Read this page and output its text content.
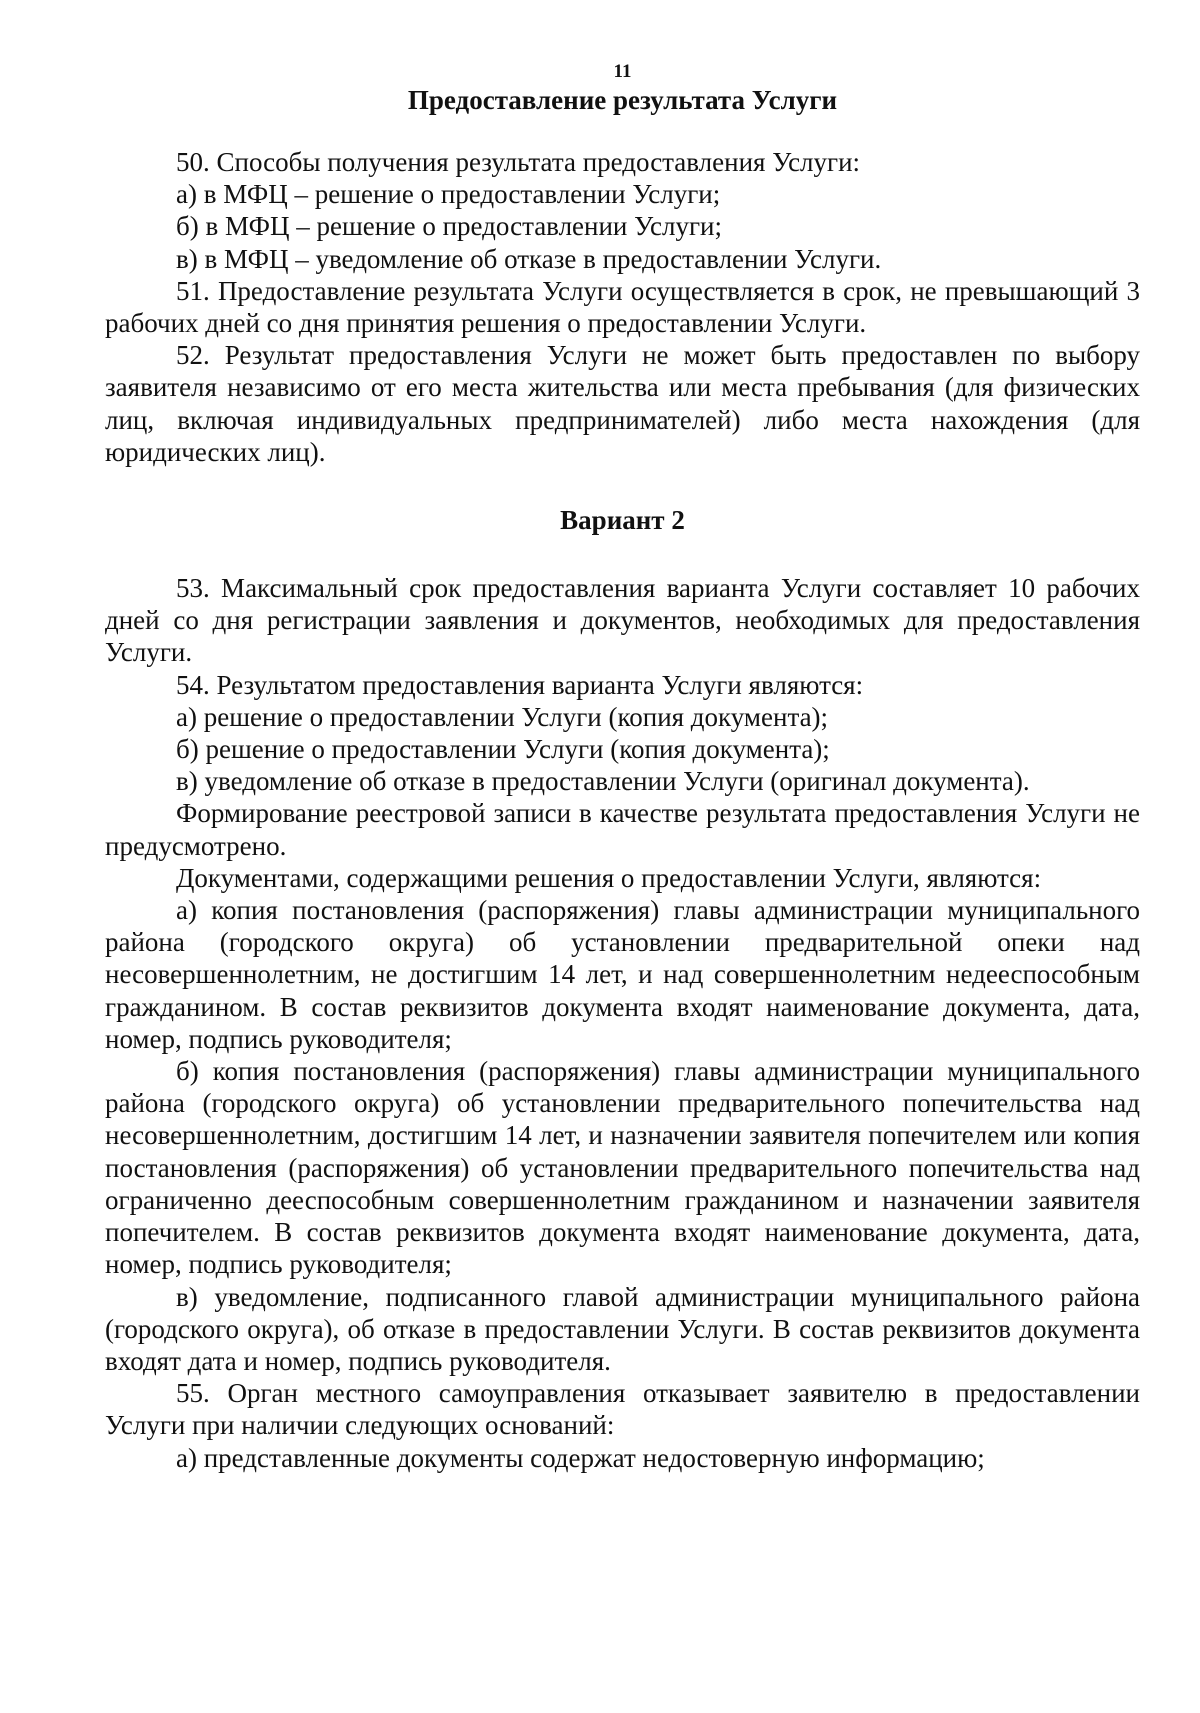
11
Предоставление результата Услуги

50. Способы получения результата предоставления Услуги:

а) в МФЦ – решение о предоставлении Услуги;

б) в МФЦ – решение о предоставлении Услуги;

в) в МФЦ – уведомление об отказе в предоставлении Услуги.

51. Предоставление результата Услуги осуществляется в срок, не превышающий 3 рабочих дней со дня принятия решения о предоставлении Услуги.

52. Результат предоставления Услуги не может быть предоставлен по выбору заявителя независимо от его места жительства или места пребывания (для физических лиц, включая индивидуальных предпринимателей) либо места нахождения (для юридических лиц).

Вариант 2

53. Максимальный срок предоставления варианта Услуги составляет 10 рабочих дней со дня регистрации заявления и документов, необходимых для предоставления Услуги.

54. Результатом предоставления варианта Услуги являются:

а) решение о предоставлении Услуги (копия документа);

б) решение о предоставлении Услуги (копия документа);

в) уведомление об отказе в предоставлении Услуги (оригинал документа).

Формирование реестровой записи в качестве результата предоставления Услуги не предусмотрено.

Документами, содержащими решения о предоставлении Услуги, являются:

а) копия постановления (распоряжения) главы администрации муниципального района (городского округа) об установлении предварительной опеки над несовершеннолетним, не достигшим 14 лет, и над совершеннолетним недееспособным гражданином. В состав реквизитов документа входят наименование документа, дата, номер, подпись руководителя;

б) копия постановления (распоряжения) главы администрации муниципального района (городского округа) об установлении предварительного попечительства над несовершеннолетним, достигшим 14 лет, и назначении заявителя попечителем или копия постановления (распоряжения) об установлении предварительного попечительства над ограниченно дееспособным совершеннолетним гражданином и назначении заявителя попечителем. В состав реквизитов документа входят наименование документа, дата, номер, подпись руководителя;

в) уведомление, подписанного главой администрации муниципального района (городского округа), об отказе в предоставлении Услуги. В состав реквизитов документа входят дата и номер, подпись руководителя.

55. Орган местного самоуправления отказывает заявителю в предоставлении Услуги при наличии следующих оснований:

а) представленные документы содержат недостоверную информацию;
